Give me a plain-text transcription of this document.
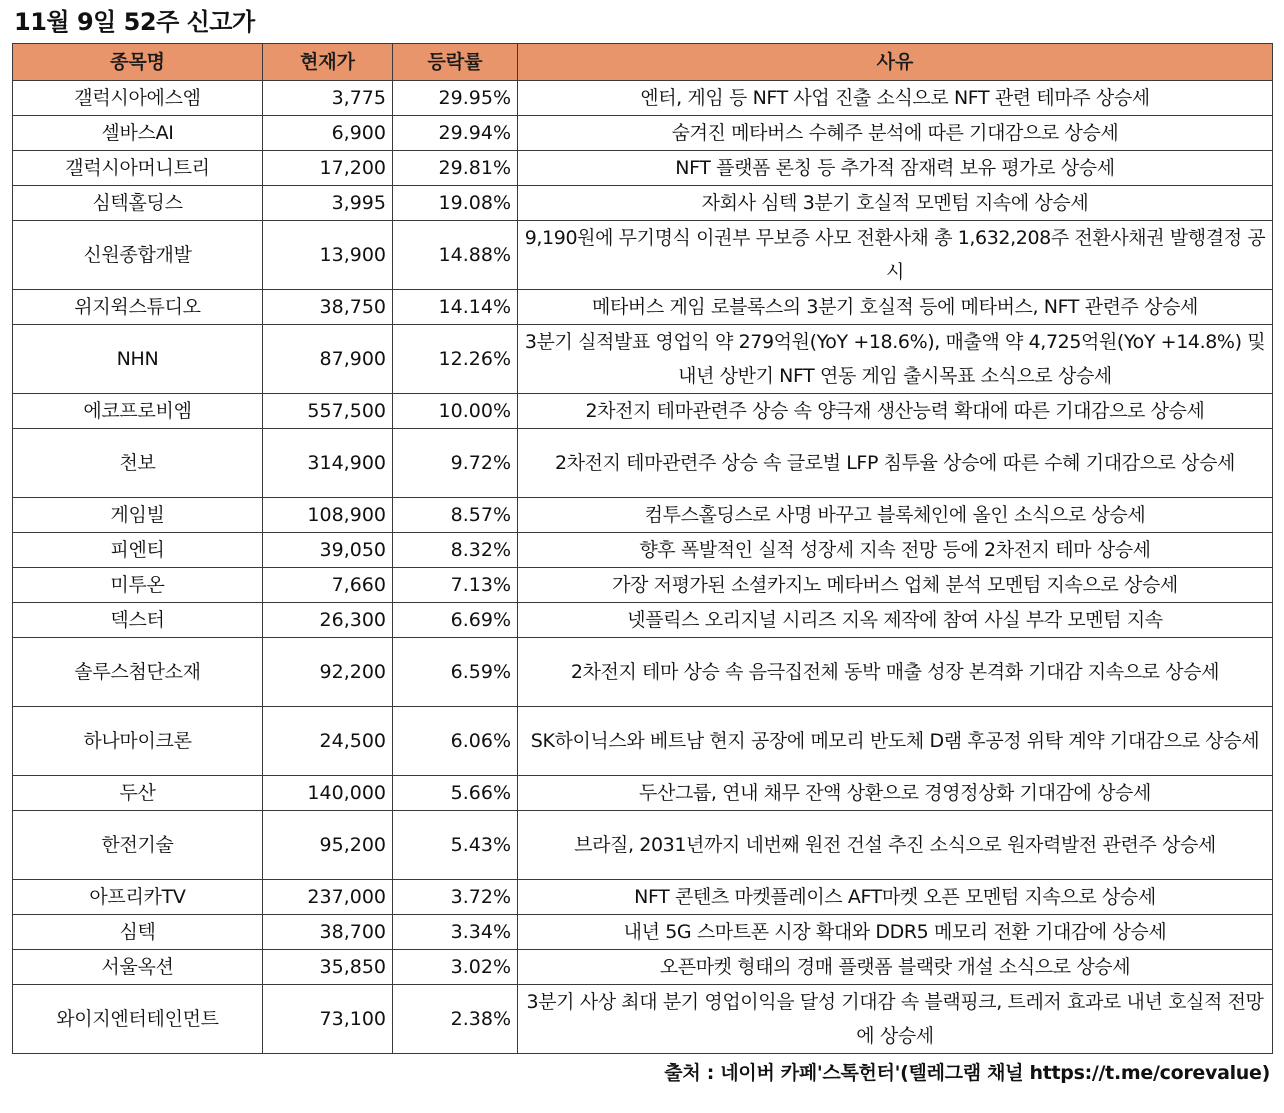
11월 9일 52주 신고가
종목명	현재가	등락률	사유
갤럭시아에스엠	3,775	29.95%	엔터, 게임 등 NFT 사업 진출 소식으로 NFT 관련 테마주 상승세
셀바스AI	6,900	29.94%	숨겨진 메타버스 수혜주 분석에 따른 기대감으로 상승세
갤럭시아머니트리	17,200	29.81%	NFT 플랫폼 론칭 등 추가적 잠재력 보유 평가로 상승세
심텍홀딩스	3,995	19.08%	자회사 심텍 3분기 호실적 모멘텀 지속에 상승세
신원종합개발	13,900	14.88%	9,190원에 무기명식 이권부 무보증 사모 전환사채 총 1,632,208주 전환사채권 발행결정 공시
위지윅스튜디오	38,750	14.14%	메타버스 게임 로블록스의 3분기 호실적 등에 메타버스, NFT 관련주 상승세
NHN	87,900	12.26%	3분기 실적발표 영업익 약 279억원(YoY +18.6%), 매출액 약 4,725억원(YoY +14.8%) 및 내년 상반기 NFT 연동 게임 출시목표 소식으로 상승세
에코프로비엠	557,500	10.00%	2차전지 테마관련주 상승 속 양극재 생산능력 확대에 따른 기대감으로 상승세
천보	314,900	9.72%	2차전지 테마관련주 상승 속 글로벌 LFP 침투율 상승에 따른 수혜 기대감으로 상승세
게임빌	108,900	8.57%	컴투스홀딩스로 사명 바꾸고 블록체인에 올인 소식으로 상승세
피엔티	39,050	8.32%	향후 폭발적인 실적 성장세 지속 전망 등에 2차전지 테마 상승세
미투온	7,660	7.13%	가장 저평가된 소셜카지노 메타버스 업체 분석 모멘텀 지속으로 상승세
덱스터	26,300	6.69%	넷플릭스 오리지널 시리즈 지옥 제작에 참여 사실 부각 모멘텀 지속
솔루스첨단소재	92,200	6.59%	2차전지 테마 상승 속 음극집전체 동박 매출 성장 본격화 기대감 지속으로 상승세
하나마이크론	24,500	6.06%	SK하이닉스와 베트남 현지 공장에 메모리 반도체 D램 후공정 위탁 계약 기대감으로 상승세
두산	140,000	5.66%	두산그룹, 연내 채무 잔액 상환으로 경영정상화 기대감에 상승세
한전기술	95,200	5.43%	브라질, 2031년까지 네번째 원전 건설 추진 소식으로 원자력발전 관련주 상승세
아프리카TV	237,000	3.72%	NFT 콘텐츠 마켓플레이스 AFT마켓 오픈 모멘텀 지속으로 상승세
심텍	38,700	3.34%	내년 5G 스마트폰 시장 확대와 DDR5 메모리 전환 기대감에 상승세
서울옥션	35,850	3.02%	오픈마켓 형태의 경매 플랫폼 블랙랏 개설 소식으로 상승세
와이지엔터테인먼트	73,100	2.38%	3분기 사상 최대 분기 영업이익을 달성 기대감 속 블랙핑크, 트레저 효과로 내년 호실적 전망에 상승세
출처 : 네이버 카페'스톡헌터'(텔레그램 채널 https://t.me/corevalue)
